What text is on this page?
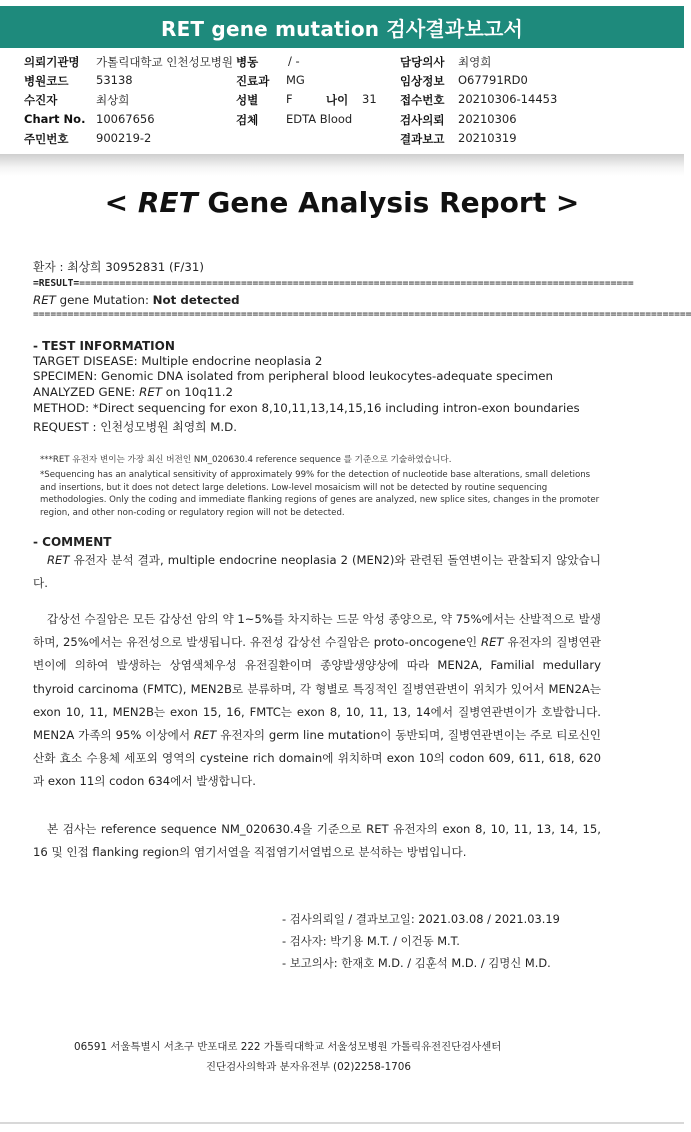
RET gene mutation 검사결과보고서
의뢰기관명 가톨릭대학교 인천성모병원 병동	/ -	담당의사 최영희
병원코드 53138	진료과 MG	임상정보 O67791RD0
수진자	최상희	성별 F	나이 31 접수번호 20210306-14453
Chart No. 10067656	검체 EDTA Blood	검사의뢰 20210306
주민번호 900219-2	결과보고 20210319
< RET Gene Analysis Report >
환자 : 최상희 30952831 (F/31)
=RESULT=================================================================================================
RET gene Mutation: Not detected
==================================================================================================================
- TEST INFORMATION
TARGET DISEASE: Multiple endocrine neoplasia 2
SPECIMEN: Genomic DNA isolated from peripheral blood leukocytes-adequate specimen
ANALYZED GENE: RET on 10q11.2
METHOD: *Direct sequencing for exon 8,10,11,13,14,15,16 including intron-exon boundaries
REQUEST : 인천성모병원 최영희 M.D.
***RET 유전자 변이는 가장 최신 버전인 NM_020630.4 reference sequence 를 기준으로 기술하였습니다.
*Sequencing has an analytical sensitivity of approximately 99% for the detection of nucleotide base alterations, small deletions and insertions, but it does not detect large deletions. Low-level mosaicism will not be detected by routine sequencing methodologies. Only the coding and immediate flanking regions of genes are analyzed, new splice sites, changes in the promoter region, and other non-coding or regulatory region will not be detected.
- COMMENT
RET 유전자 분석 결과, multiple endocrine neoplasia 2 (MEN2)와 관련된 돌연변이는 관찰되지 않았습니다.
갑상선 수질암은 모든 갑상선 암의 약 1~5%를 차지하는 드문 악성 종양으로, 약 75%에서는 산발적으로 발생하며, 25%에서는 유전성으로 발생됩니다. 유전성 갑상선 수질암은 proto-oncogene인 RET 유전자의 질병연관변이에 의하여 발생하는 상염색체우성 유전질환이며 종양발생양상에 따라 MEN2A, Familial medullary thyroid carcinoma (FMTC), MEN2B로 분류하며, 각 형별로 특징적인 질병연관변이 위치가 있어서 MEN2A는 exon 10, 11, MEN2B는 exon 15, 16, FMTC는 exon 8, 10, 11, 13, 14에서 질병연관변이가 호발합니다. MEN2A 가족의 95% 이상에서 RET 유전자의 germ line mutation이 동반되며, 질병연관변이는 주로 티로신인산화 효소 수용체 세포외 영역의 cysteine rich domain에 위치하며 exon 10의 codon 609, 611, 618, 620과 exon 11의 codon 634에서 발생합니다.
본 검사는 reference sequence NM_020630.4을 기준으로 RET 유전자의 exon 8, 10, 11, 13, 14, 15, 16 및 인접 flanking region의 염기서열을 직접염기서열법으로 분석하는 방법입니다.
- 검사의뢰일 / 결과보고일: 2021.03.08 / 2021.03.19
- 검사자: 박기용 M.T. / 이건동 M.T.
- 보고의사: 한재호 M.D. / 김훈석 M.D. / 김명신 M.D.
06591 서울특별시 서초구 반포대로 222 가톨릭대학교 서울성모병원 가톨릭유전진단검사센터
진단검사의학과 분자유전부 (02)2258-1706
